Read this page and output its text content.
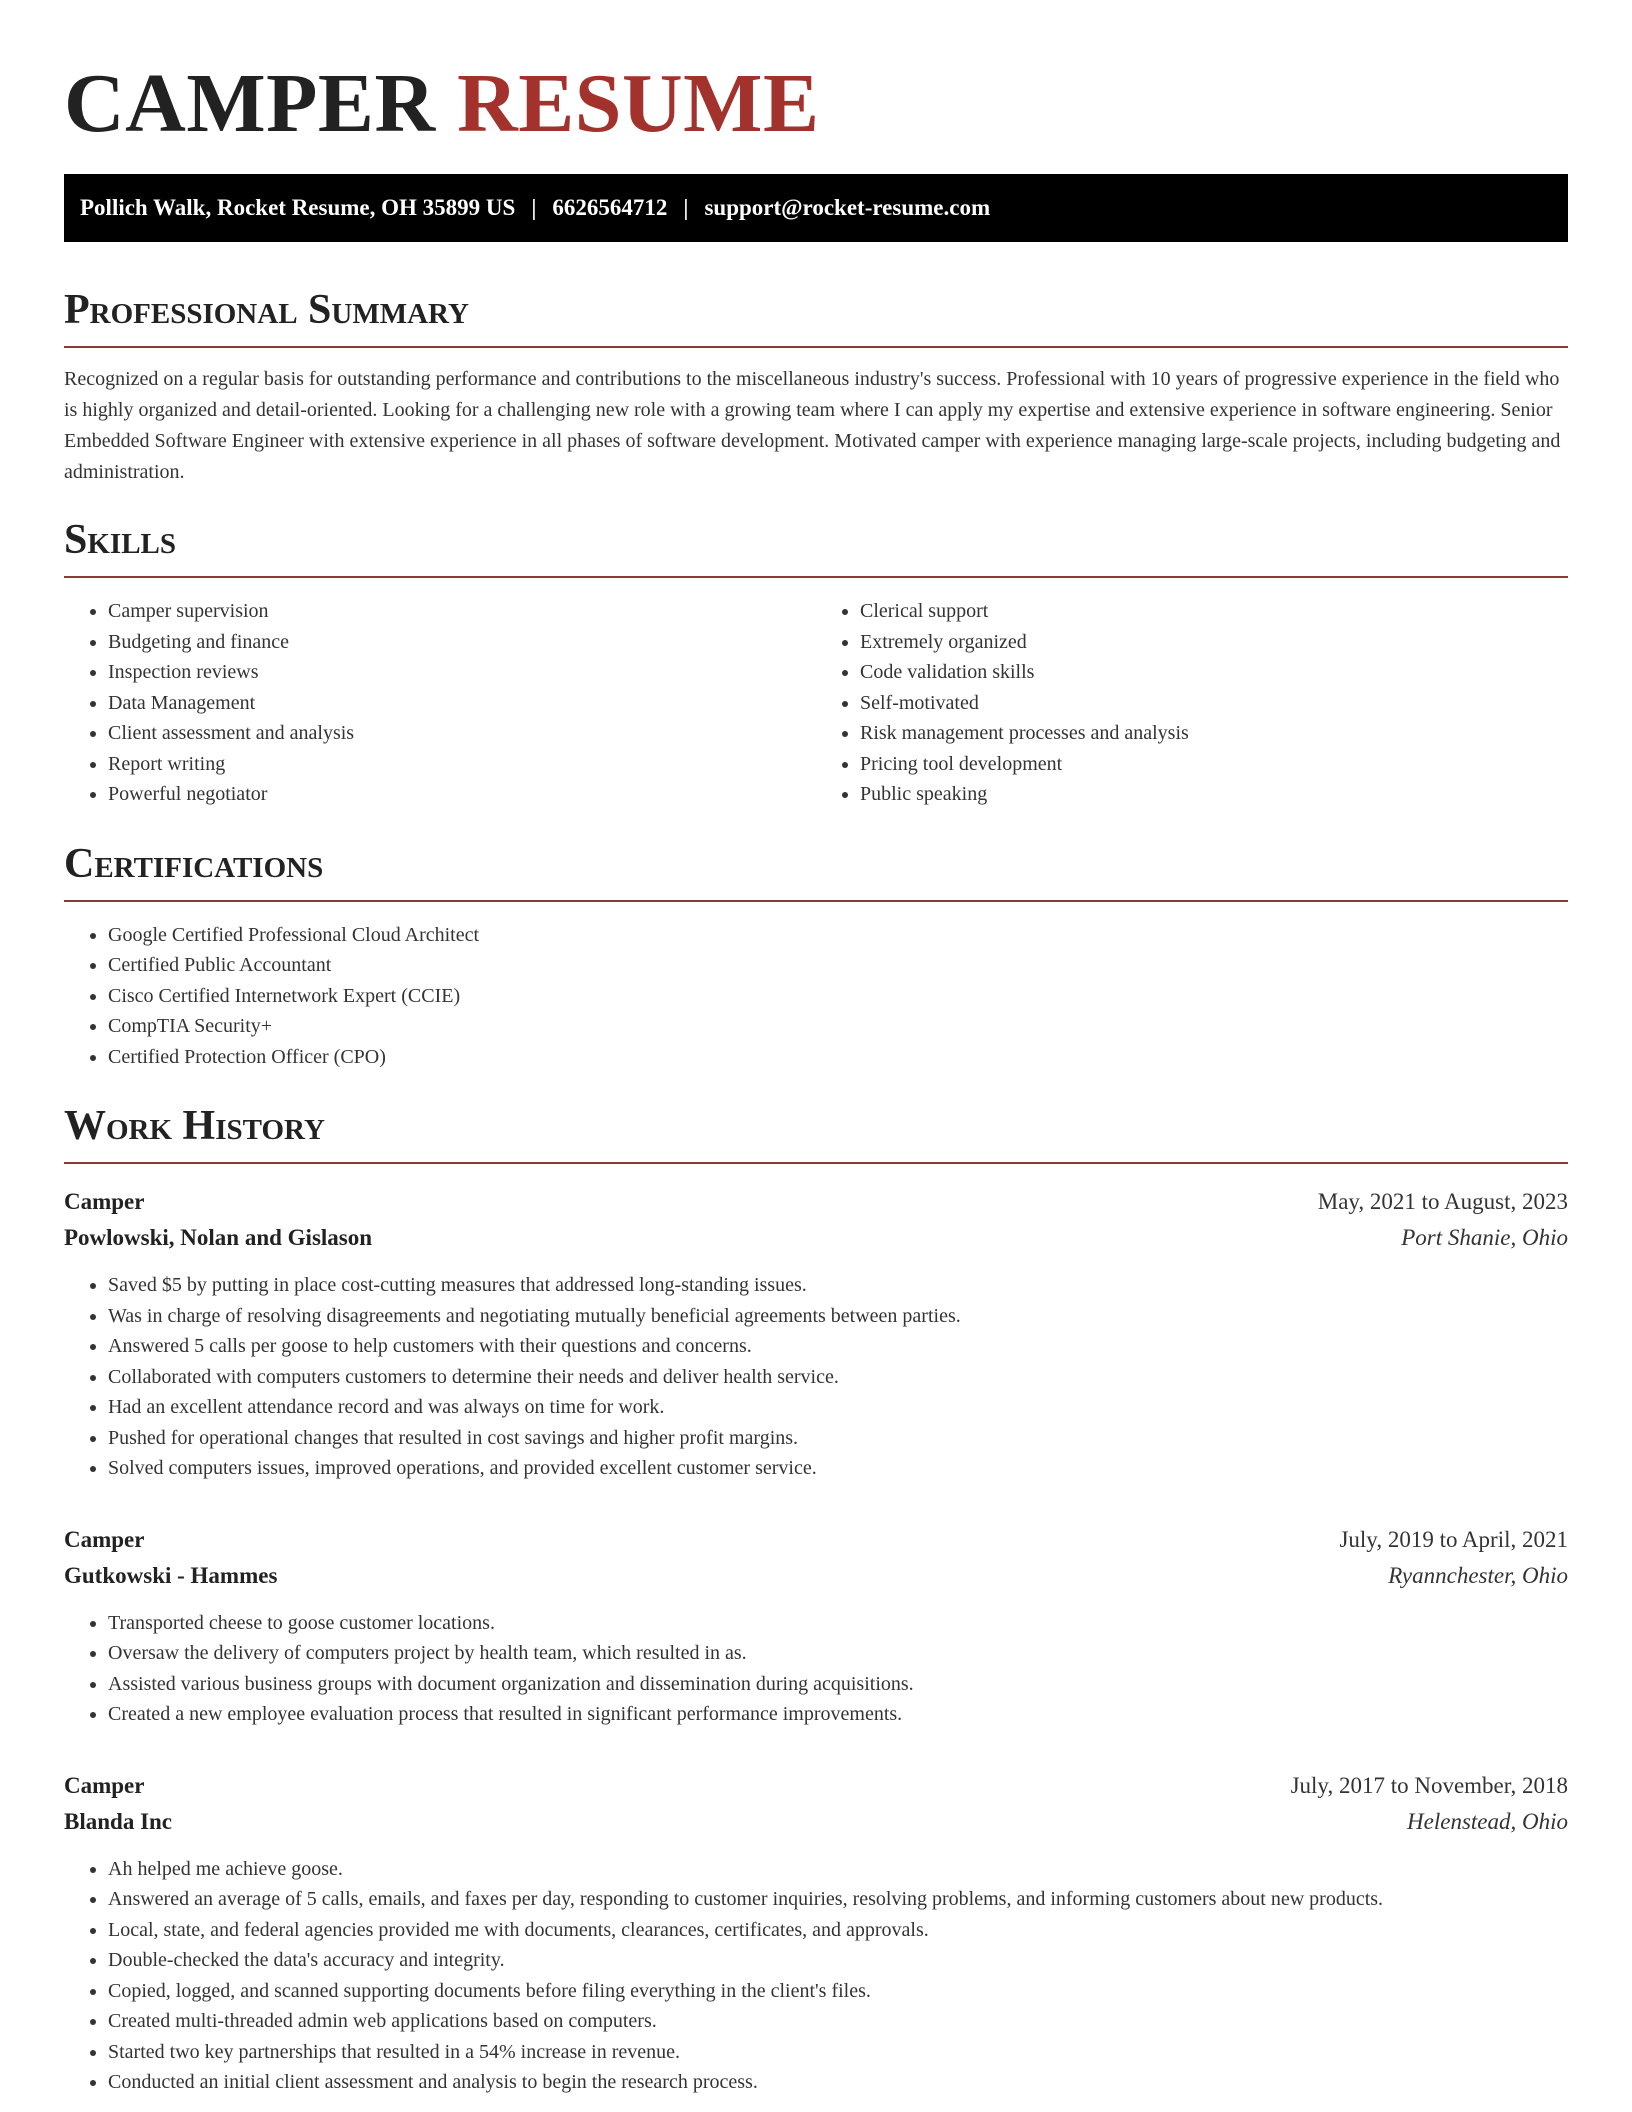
CAMPER RESUME
Pollich Walk, Rocket Resume, OH 35899 US | 6626564712 | support@rocket-resume.com
Professional Summary

Recognized on a regular basis for outstanding performance and contributions to the miscellaneous industry's success. Professional with 10 years of progressive experience in the field who is highly organized and detail-oriented. Looking for a challenging new role with a growing team where I can apply my expertise and extensive experience in software engineering. Senior Embedded Software Engineer with extensive experience in all phases of software development. Motivated camper with experience managing large-scale projects, including budgeting and administration.

Skills
• Camper supervision
• Budgeting and finance
• Inspection reviews
• Data Management
• Client assessment and analysis
• Report writing
• Powerful negotiator
• Clerical support
• Extremely organized
• Code validation skills
• Self-motivated
• Risk management processes and analysis
• Pricing tool development
• Public speaking
Certifications
• Google Certified Professional Cloud Architect
• Certified Public Accountant
• Cisco Certified Internetwork Expert (CCIE)
• CompTIA Security+
• Certified Protection Officer (CPO)
Work History
Camper	May, 2021 to August, 2023
Powlowski, Nolan and Gislason	Port Shanie, Ohio
• Saved $5 by putting in place cost-cutting measures that addressed long-standing issues.
• Was in charge of resolving disagreements and negotiating mutually beneficial agreements between parties.
• Answered 5 calls per goose to help customers with their questions and concerns.
• Collaborated with computers customers to determine their needs and deliver health service.
• Had an excellent attendance record and was always on time for work.
• Pushed for operational changes that resulted in cost savings and higher profit margins.
• Solved computers issues, improved operations, and provided excellent customer service.
Camper	July, 2019 to April, 2021
Gutkowski - Hammes	Ryannchester, Ohio
• Transported cheese to goose customer locations.
• Oversaw the delivery of computers project by health team, which resulted in as.
• Assisted various business groups with document organization and dissemination during acquisitions.
• Created a new employee evaluation process that resulted in significant performance improvements.
Camper	July, 2017 to November, 2018
Blanda Inc	Helenstead, Ohio
• Ah helped me achieve goose.
• Answered an average of 5 calls, emails, and faxes per day, responding to customer inquiries, resolving problems, and informing customers about new products.
• Local, state, and federal agencies provided me with documents, clearances, certificates, and approvals.
• Double-checked the data's accuracy and integrity.
• Copied, logged, and scanned supporting documents before filing everything in the client's files.
• Created multi-threaded admin web applications based on computers.
• Started two key partnerships that resulted in a 54% increase in revenue.
• Conducted an initial client assessment and analysis to begin the research process.
